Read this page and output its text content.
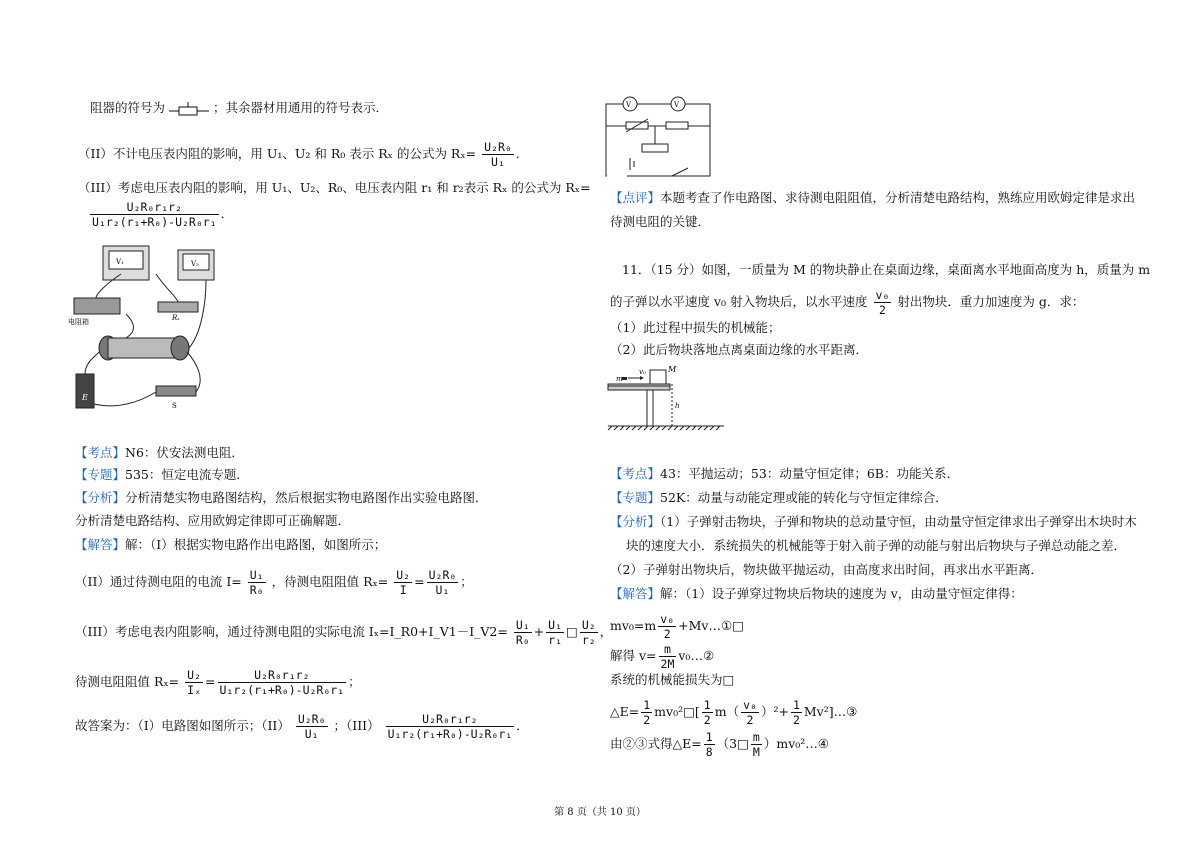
阻器的符号为	；其余器材用通用的符号表示．
（II）不计电压表内阻的影响，用 U₁、U₂ 和 R₀ 表示 Rₓ 的公式为 $R_x= \frac{\text{U₂R₀}}{\text{U₁}}$ ．
（III）考虑电压表内阻的影响，用 U₁、U₂、R₀、电压表内阻 r₁ 和 r₂表示 Rₓ 的公式为 Rₓ=
$\frac{\text{U₂R₀r₁r₂}}{\text{U₁r₂(r₁+R₀)-U₂R₀r₁}}$ ．
V₂
V₁
电阻箱	Rₓ
E
S
【考点】N6：伏安法测电阻．
【专题】535：恒定电流专题．
【分析】分析清楚实物电路图结构，然后根据实物电路图作出实验电路图．
分析清楚电路结构、应用欧姆定律即可正确解题．
【解答】解：（I）根据实物电路作出电路图，如图所示；
（II）通过待测电阻的电流 $I= \frac{\text{U₁}}{\text{R₀}}$ ，待测电阻阻值 $R_x= \frac{\text{U₂}}{I} = \frac{\text{U₂R₀}}{\text{U₁}}$ ；
（III）考虑电表内阻影响，通过待测电阻的实际电流 Iₓ=I_R0+I_V1－I_V2= $\frac{\text{U₁}}{\text{R₀}} + \frac{\text{U₁}}{\text{r₁}}$ □ $\frac{\text{U₂}}{\text{r₂}}$ ，
待测电阻阻值 $R_x= \frac{\text{U₂}}{\text{Iₓ}} = \frac{\text{U₂R₀r₁r₂}}{\text{U₁r₂(r₁+R₀)-U₂R₀r₁}}$ ；
故答案为：（I）电路图如图所示；$(II) \frac{\text{U₂R₀}}{\text{U₁}}$ ；$(III) \frac{\text{U₂R₀r₁r₂}}{\text{U₁r₂(r₁+R₀)-U₂R₀r₁}}$ ．
V	V
【点评】本题考查了作电路图、求待测电阻阻值，分析清楚电路结构，熟练应用欧姆定律是求出
待测电阻的关键．
11．（15 分）如图，一质量为 M 的物块静止在桌面边缘，桌面离水平地面高度为 h，质量为 m
的子弹以水平速度 v₀ 射入物块后，以水平速度 $\frac{\text{v₀}}{2}$ 射出物块．重力加速度为 g．求：
（1）此过程中损失的机械能；
（2）此后物块落地点离桌面边缘的水平距离．
m
v₀	M
h
【考点】43：平抛运动；53：动量守恒定律；6B：功能关系．
【专题】52K：动量与动能定理或能的转化与守恒定律综合．
【分析】（1）子弹射击物块，子弹和物块的总动量守恒，由动量守恒定律求出子弹穿出木块时木
块的速度大小．系统损失的机械能等于射入前子弹的动能与射出后物块与子弹总动能之差．
（2）子弹射出物块后，物块做平抛运动，由高度求出时间，再求出水平距离．
【解答】解：（1）设子弹穿过物块后物块的速度为 v，由动量守恒定律得：
$mv_0=m \frac{\text{v₀}}{2}$ +Mv…①□
解得 $v= \frac{m}{2M}$ v₀…②
系统的机械能损失为□
△E= $\frac{1}{2}$ mv₀²□[ $\frac{1}{2} m( \frac{\text{v₀}}{2} )^2+ \frac{1}{2}$ Mv²]…③
由②③式得△E= $\frac{1}{8}$ （3□ $\frac{m}{M}$ ）mv₀²…④
第 8 页（共 10 页）
